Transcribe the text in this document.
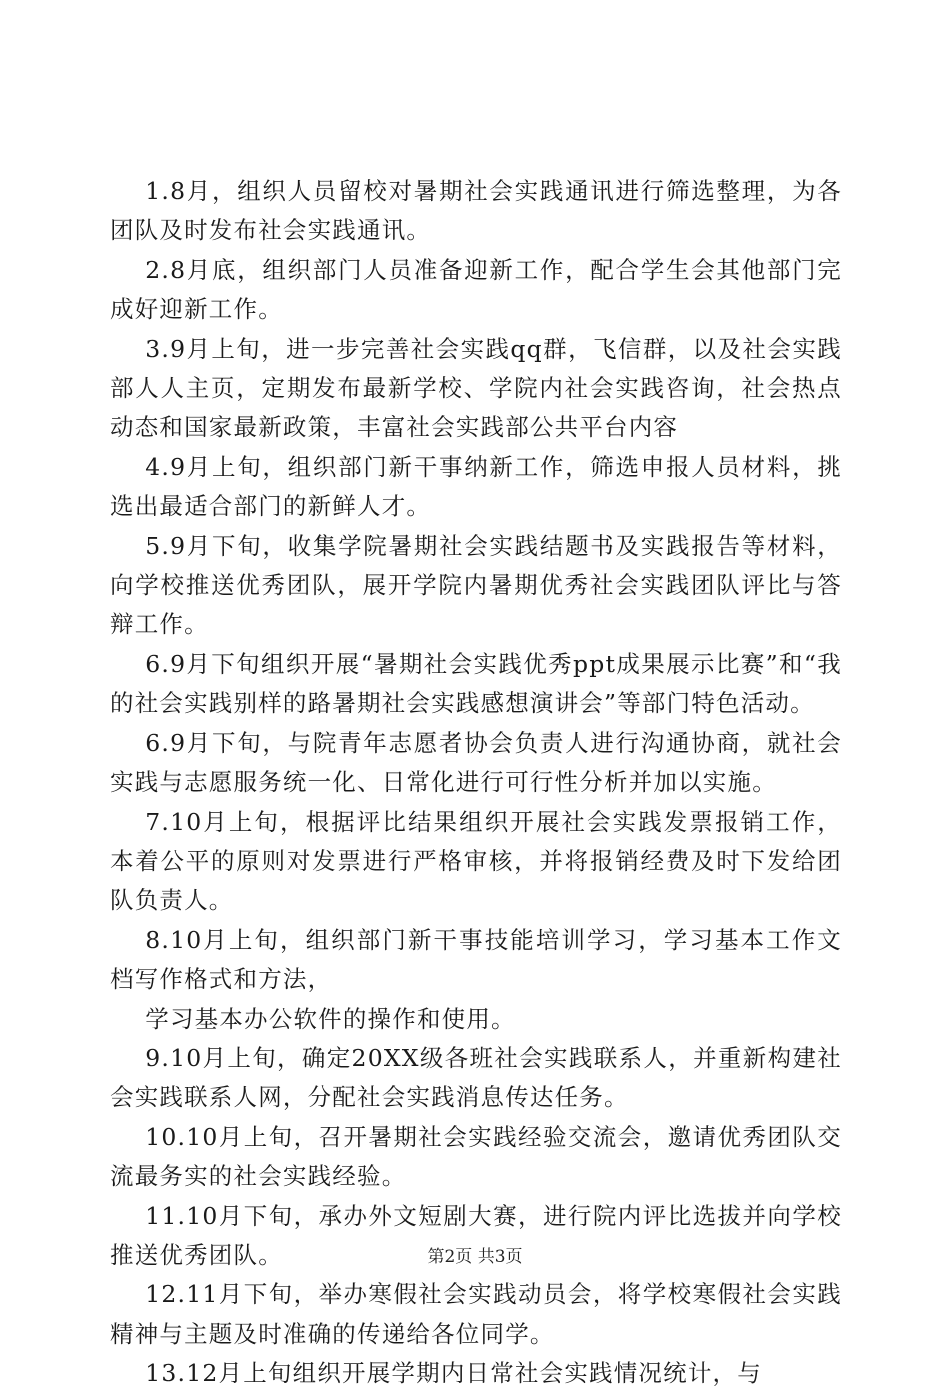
1.8月，组织人员留校对暑期社会实践通讯进行筛选整理，为各团队及时发布社会实践通讯。

2.8月底，组织部门人员准备迎新工作，配合学生会其他部门完成好迎新工作。

3.9月上旬，进一步完善社会实践qq群，飞信群，以及社会实践部人人主页，定期发布最新学校、学院内社会实践咨询，社会热点动态和国家最新政策，丰富社会实践部公共平台内容

4.9月上旬，组织部门新干事纳新工作，筛选申报人员材料，挑选出最适合部门的新鲜人才。

5.9月下旬，收集学院暑期社会实践结题书及实践报告等材料，向学校推送优秀团队，展开学院内暑期优秀社会实践团队评比与答辩工作。

6.9月下旬组织开展“暑期社会实践优秀ppt成果展示比赛”和“我的社会实践别样的路暑期社会实践感想演讲会”等部门特色活动。

6.9月下旬，与院青年志愿者协会负责人进行沟通协商，就社会实践与志愿服务统一化、日常化进行可行性分析并加以实施。

7.10月上旬，根据评比结果组织开展社会实践发票报销工作，本着公平的原则对发票进行严格审核，并将报销经费及时下发给团队负责人。

8.10月上旬，组织部门新干事技能培训学习，学习基本工作文档写作格式和方法，

学习基本办公软件的操作和使用。

9.10月上旬，确定20XX级各班社会实践联系人，并重新构建社会实践联系人网，分配社会实践消息传达任务。

10.10月上旬，召开暑期社会实践经验交流会，邀请优秀团队交流最务实的社会实践经验。

11.10月下旬，承办外文短剧大赛，进行院内评比选拔并向学校推送优秀团队。

12.11月下旬，举办寒假社会实践动员会，将学校寒假社会实践精神与主题及时准确的传递给各位同学。

13.12月上旬组织开展学期内日常社会实践情况统计，与

第2页 共3页
